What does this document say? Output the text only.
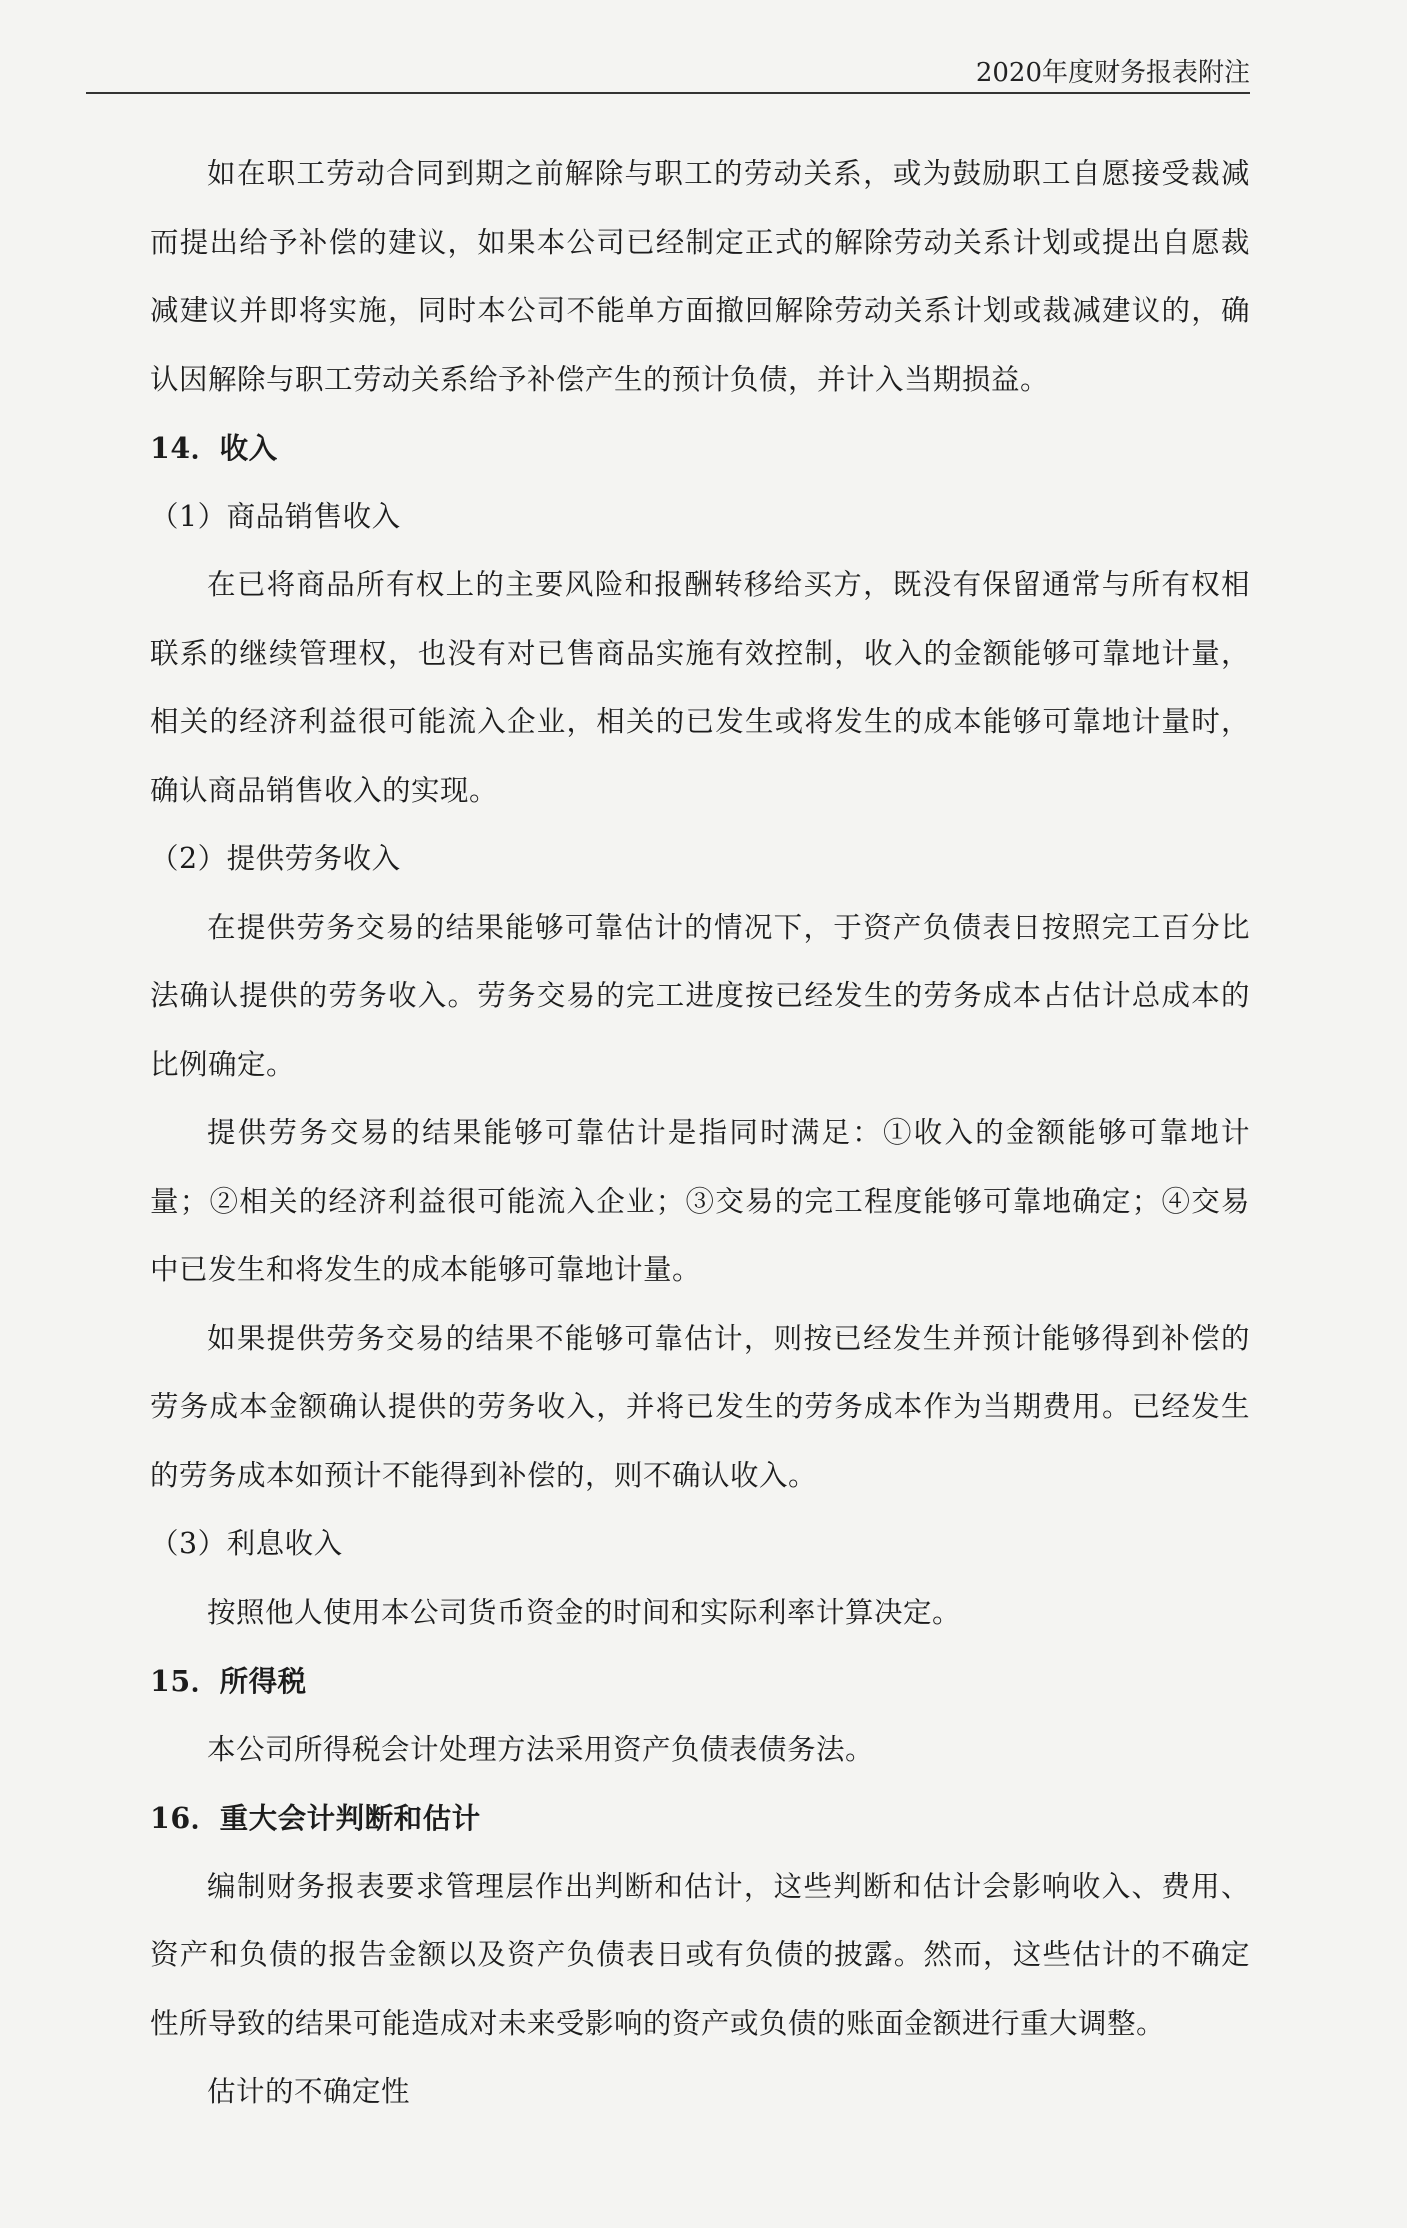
2020年度财务报表附注

如在职工劳动合同到期之前解除与职工的劳动关系，或为鼓励职工自愿接受裁减而提出给予补偿的建议，如果本公司已经制定正式的解除劳动关系计划或提出自愿裁减建议并即将实施，同时本公司不能单方面撤回解除劳动关系计划或裁减建议的，确认因解除与职工劳动关系给予补偿产生的预计负债，并计入当期损益。

14．收入

（1）商品销售收入

在已将商品所有权上的主要风险和报酬转移给买方，既没有保留通常与所有权相联系的继续管理权，也没有对已售商品实施有效控制，收入的金额能够可靠地计量，相关的经济利益很可能流入企业，相关的已发生或将发生的成本能够可靠地计量时，确认商品销售收入的实现。

（2）提供劳务收入

在提供劳务交易的结果能够可靠估计的情况下，于资产负债表日按照完工百分比法确认提供的劳务收入。劳务交易的完工进度按已经发生的劳务成本占估计总成本的比例确定。

提供劳务交易的结果能够可靠估计是指同时满足：①收入的金额能够可靠地计量；②相关的经济利益很可能流入企业；③交易的完工程度能够可靠地确定；④交易中已发生和将发生的成本能够可靠地计量。

如果提供劳务交易的结果不能够可靠估计，则按已经发生并预计能够得到补偿的劳务成本金额确认提供的劳务收入，并将已发生的劳务成本作为当期费用。已经发生的劳务成本如预计不能得到补偿的，则不确认收入。

（3）利息收入

按照他人使用本公司货币资金的时间和实际利率计算决定。

15．所得税

本公司所得税会计处理方法采用资产负债表债务法。

16．重大会计判断和估计

编制财务报表要求管理层作出判断和估计，这些判断和估计会影响收入、费用、资产和负债的报告金额以及资产负债表日或有负债的披露。然而，这些估计的不确定性所导致的结果可能造成对未来受影响的资产或负债的账面金额进行重大调整。

估计的不确定性
